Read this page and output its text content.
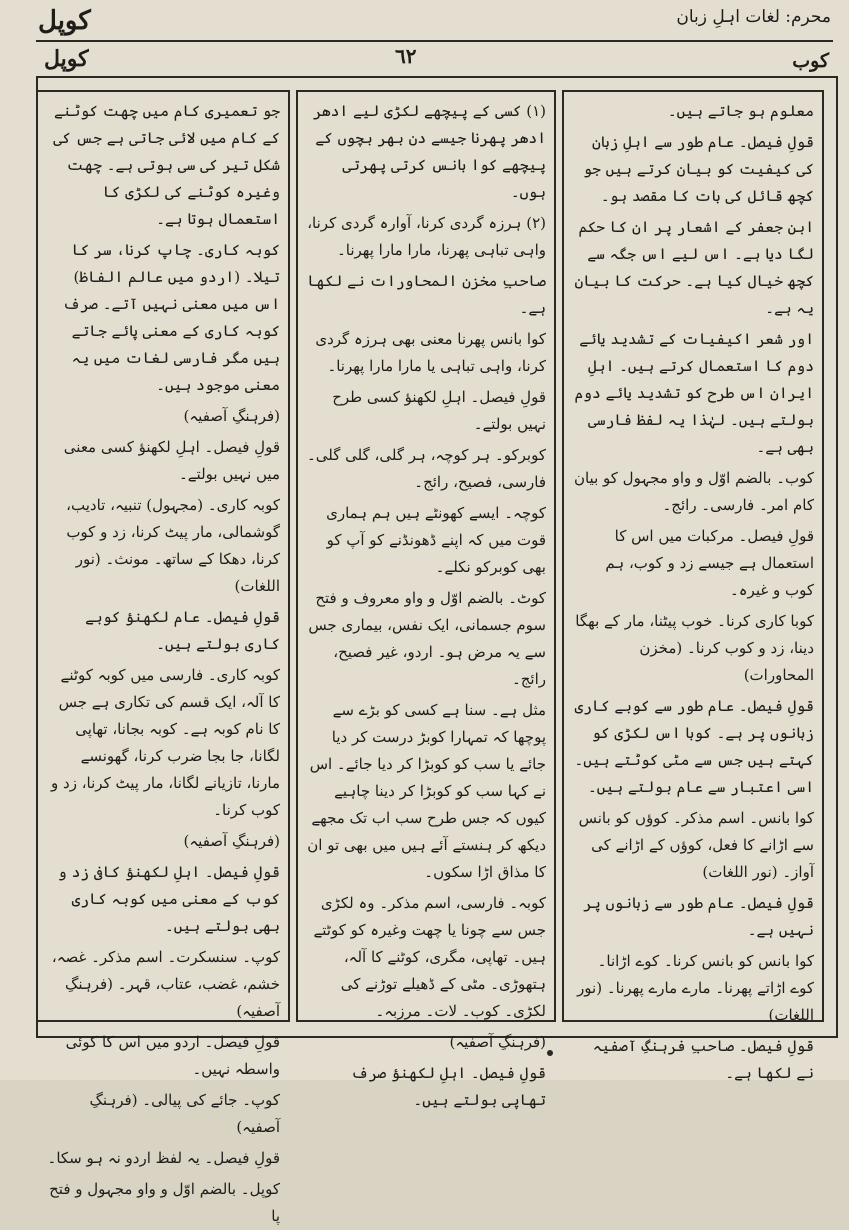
محرم: لغات اہلِ زبان
کوپل
٦٢
کوپل	کوب

معلوم ہو جاتے ہیں۔

قولِ فیصل۔ عام طور سے اہلِ زبان کی کیفیت کو بیان کرتے ہیں جو کچھ قائل کی بات کا مقصد ہو۔

ابنِ جعفر کے اشعار پر ان کا حکم لگا دیا ہے۔ اس لیے اس جگہ سے کچھ خیال کیا ہے۔ حرکت کا بیان یہ ہے۔

اور شعر اکیفیات کے تشدید یائے دوم کا استعمال کرتے ہیں۔ اہلِ ایران اس طرح کو تشدید یائے دوم بولتے ہیں۔ لہٰذا یہ لفظ فارسی بھی ہے۔

کوب۔ بالضم اوّل و واو مجہول کو بیان کام امر۔ فارسی۔ رائج۔

قولِ فیصل۔ مرکبات میں اس کا استعمال ہے جیسے زد و کوب، ہم کوب و غیرہ۔

کوبا کاری کرنا۔ خوب پیٹنا، مار کے بھگا دینا، زد و کوب کرنا۔ (مخزن المحاورات)

قولِ فیصل۔ عام طور سے کوبے کاری زبانوں پر ہے۔ کوبا اس لکڑی کو کہتے ہیں جس سے مٹی کوٹتے ہیں۔ اسی اعتبار سے عام بولتے ہیں۔

کوا بانس۔ اسم مذکر۔ کوؤں کو بانس سے اڑانے کا فعل، کوؤں کے اڑانے کی آواز۔ (نور اللغات)

قولِ فیصل۔ عام طور سے زبانوں پر نہیں ہے۔

کوا بانس کو بانس کرنا۔ کوے اڑانا۔ کوے اڑاتے پھرنا۔ مارے مارے پھرنا۔ (نور اللغات)

قولِ فیصل۔ صاحبِ فرہنگِ آصفیہ نے لکھا ہے۔

(۱) کسی کے پیچھے لکڑی لیے ادھر ادھر پھرنا جیسے دن بھر بچوں کے پیچھے کوا بانس کرتی پھرتی ہوں۔

(۲) ہرزہ گردی کرنا، آوارہ گردی کرنا، واہی تباہی پھرنا، مارا مارا پھرنا۔

صاحبِ مخزن المحاورات نے لکھا ہے۔

کوا بانس پھرنا معنی بھی ہرزہ گردی کرنا، واہی تباہی یا مارا مارا پھرنا۔

قولِ فیصل۔ اہلِ لکھنؤ کسی طرح نہیں بولتے۔

کوبرکو۔ ہر کوچہ، ہر گلی، گلی گلی۔ فارسی، فصیح، رائج۔

کوچہ۔ ایسے کھونٹے ہیں ہم ہماری قوت میں کہ اپنے ڈھونڈنے کو آپ کو بھی کوبرکو نکلے۔

کوٹ۔ بالضم اوّل و واو معروف و فتح سوم جسمانی، ایک نفس، بیماری جس سے یہ مرض ہو۔ اردو، غیر فصیح، رائج۔

مثل ہے۔ سنا ہے کسی کو بڑے سے پوچھا کہ تمہارا کوبڑ درست کر دیا جائے یا سب کو کوبڑا کر دیا جائے۔ اس نے کہا سب کو کوبڑا کر دینا چاہیے کیوں کہ جس طرح سب اب تک مجھے دیکھ کر ہنستے آئے ہیں میں بھی تو ان کا مذاق اڑا سکوں۔

کوبہ۔ فارسی، اسم مذکر۔ وہ لکڑی جس سے چونا یا چھت وغیرہ کو کوٹتے ہیں۔ تھاپی، مگری، کوٹنے کا آلہ، ہتھوڑی۔ مٹی کے ڈھیلے توڑنے کی لکڑی۔ کوب۔ لات۔ مرزبہ۔

(فرہنگِ آصفیہ)

قولِ فیصل۔ اہلِ لکھنؤ صرف تھاپی بولتے ہیں۔

جو تعمیری کام میں چھت کوٹنے کے کام میں لائی جاتی ہے جس کی شکل تیر کی سی ہوتی ہے۔ چھت وغیرہ کوٹنے کی لکڑی کا استعمال ہوتا ہے۔

کوبہ کاری۔ چاپ کرنا، سر کا تیلا۔ (اردو میں عالم الفاظ) اس میں معنی نہیں آتے۔ صرف کوبہ کاری کے معنی پائے جاتے ہیں مگر فارسی لغات میں یہ معنی موجود ہیں۔

(فرہنگِ آصفیہ)

قولِ فیصل۔ اہلِ لکھنؤ کسی معنی میں نہیں بولتے۔

کوبہ کاری۔ (مجہول) تنبیہ، تادیب، گوشمالی، مار پیٹ کرنا، زد و کوب کرنا، دھکا کے ساتھ۔ مونث۔ (نور اللغات)

قولِ فیصل۔ عام لکھنؤ کوبے کاری بولتے ہیں۔

کوبہ کاری۔ فارسی میں کوبہ کوٹنے کا آلہ، ایک قسم کی تکاری ہے جس کا نام کوبہ ہے۔ کوبہ بجانا، تھاپی لگانا، جا بجا ضرب کرنا، گھونسے مارنا، تازیانے لگانا، مار پیٹ کرنا، زد و کوب کرنا۔

(فرہنگِ آصفیہ)

قولِ فیصل۔ اہلِ لکھنؤ کافی زد و کوب کے معنی میں کوبہ کاری بھی بولتے ہیں۔

کوپ۔ سنسکرت۔ اسم مذکر۔ غصہ، خشم، غضب، عتاب، قہر۔ (فرہنگِ آصفیہ)

قولِ فیصل۔ اردو میں اس کا کوئی واسطہ نہیں۔

کوپ۔ جائے کی پیالی۔ (فرہنگِ آصفیہ)

قولِ فیصل۔ یہ لفظ اردو نہ ہو سکا۔

کوپل۔ بالضم اوّل و واو مجہول و فتح پا
